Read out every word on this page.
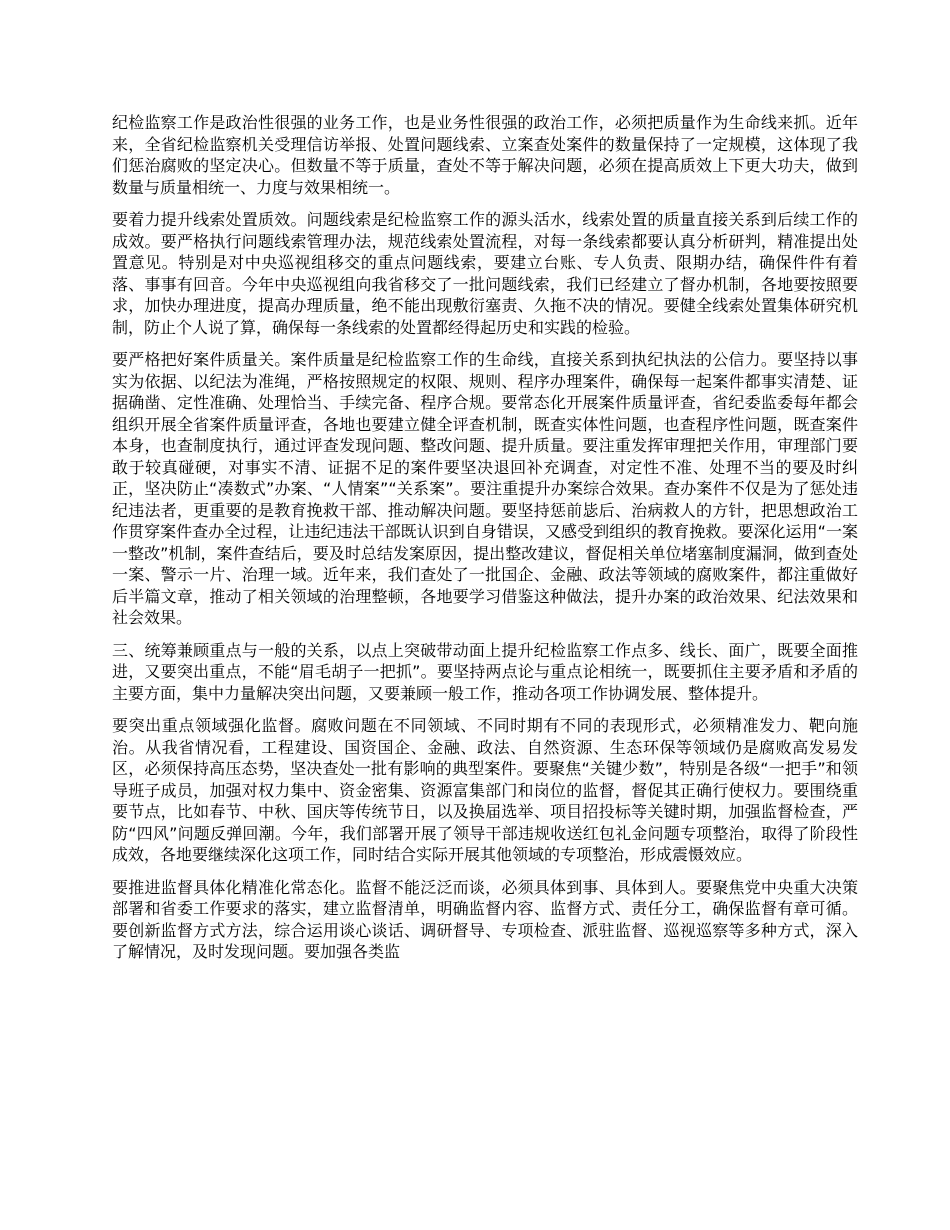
纪检监察工作是政治性很强的业务工作，也是业务性很强的政治工作，必须把质量作为生命线来抓。近年来，全省纪检监察机关受理信访举报、处置问题线索、立案查处案件的数量保持了一定规模，这体现了我们惩治腐败的坚定决心。但数量不等于质量，查处不等于解决问题，必须在提高质效上下更大功夫，做到数量与质量相统一、力度与效果相统一。

要着力提升线索处置质效。问题线索是纪检监察工作的源头活水，线索处置的质量直接关系到后续工作的成效。要严格执行问题线索管理办法，规范线索处置流程，对每一条线索都要认真分析研判，精准提出处置意见。特别是对中央巡视组移交的重点问题线索，要建立台账、专人负责、限期办结，确保件件有着落、事事有回音。今年中央巡视组向我省移交了一批问题线索，我们已经建立了督办机制，各地要按照要求，加快办理进度，提高办理质量，绝不能出现敷衍塞责、久拖不决的情况。要健全线索处置集体研究机制，防止个人说了算，确保每一条线索的处置都经得起历史和实践的检验。

要严格把好案件质量关。案件质量是纪检监察工作的生命线，直接关系到执纪执法的公信力。要坚持以事实为依据、以纪法为准绳，严格按照规定的权限、规则、程序办理案件，确保每一起案件都事实清楚、证据确凿、定性准确、处理恰当、手续完备、程序合规。要常态化开展案件质量评查，省纪委监委每年都会组织开展全省案件质量评查，各地也要建立健全评查机制，既查实体性问题，也查程序性问题，既查案件本身，也查制度执行，通过评查发现问题、整改问题、提升质量。要注重发挥审理把关作用，审理部门要敢于较真碰硬，对事实不清、证据不足的案件要坚决退回补充调查，对定性不准、处理不当的要及时纠正，坚决防止“凑数式”办案、“人情案”“关系案”。要注重提升办案综合效果。查办案件不仅是为了惩处违纪违法者，更重要的是教育挽救干部、推动解决问题。要坚持惩前毖后、治病救人的方针，把思想政治工作贯穿案件查办全过程，让违纪违法干部既认识到自身错误，又感受到组织的教育挽救。要深化运用“一案一整改”机制，案件查结后，要及时总结发案原因，提出整改建议，督促相关单位堵塞制度漏洞，做到查处一案、警示一片、治理一域。近年来，我们查处了一批国企、金融、政法等领域的腐败案件，都注重做好后半篇文章，推动了相关领域的治理整顿，各地要学习借鉴这种做法，提升办案的政治效果、纪法效果和社会效果。

三、统筹兼顾重点与一般的关系，以点上突破带动面上提升纪检监察工作点多、线长、面广，既要全面推进，又要突出重点，不能“眉毛胡子一把抓”。要坚持两点论与重点论相统一，既要抓住主要矛盾和矛盾的主要方面，集中力量解决突出问题，又要兼顾一般工作，推动各项工作协调发展、整体提升。

要突出重点领域强化监督。腐败问题在不同领域、不同时期有不同的表现形式，必须精准发力、靶向施治。从我省情况看，工程建设、国资国企、金融、政法、自然资源、生态环保等领域仍是腐败高发易发区，必须保持高压态势，坚决查处一批有影响的典型案件。要聚焦“关键少数”，特别是各级“一把手”和领导班子成员，加强对权力集中、资金密集、资源富集部门和岗位的监督，督促其正确行使权力。要围绕重要节点，比如春节、中秋、国庆等传统节日，以及换届选举、项目招投标等关键时期，加强监督检查，严防“四风”问题反弹回潮。今年，我们部署开展了领导干部违规收送红包礼金问题专项整治，取得了阶段性成效，各地要继续深化这项工作，同时结合实际开展其他领域的专项整治，形成震慑效应。

要推进监督具体化精准化常态化。监督不能泛泛而谈，必须具体到事、具体到人。要聚焦党中央重大决策部署和省委工作要求的落实，建立监督清单，明确监督内容、监督方式、责任分工，确保监督有章可循。要创新监督方式方法，综合运用谈心谈话、调研督导、专项检查、派驻监督、巡视巡察等多种方式，深入了解情况，及时发现问题。要加强各类监
